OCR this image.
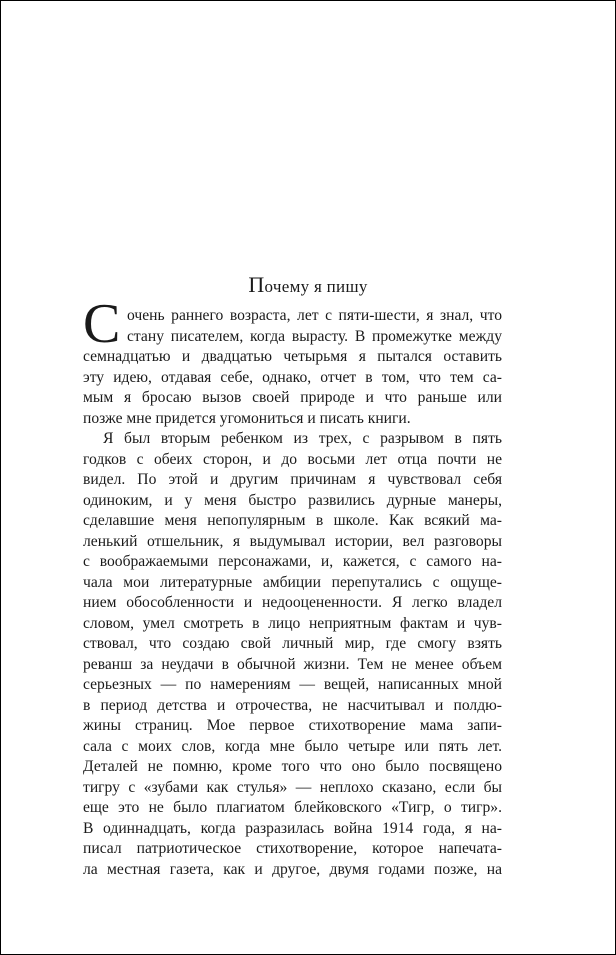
Почему я пишу
С очень раннего возраста, лет с пяти-шести, я знал, что
стану писателем, когда вырасту. В промежутке между
семнадцатью и двадцатью четырьмя я пытался оставить
эту идею, отдавая себе, однако, отчет в том, что тем са-
мым я бросаю вызов своей природе и что раньше или
позже мне придется угомониться и писать книги.
Я был вторым ребенком из трех, с разрывом в пять
годков с обеих сторон, и до восьми лет отца почти не
видел. По этой и другим причинам я чувствовал себя
одиноким, и у меня быстро развились дурные манеры,
сделавшие меня непопулярным в школе. Как всякий ма-
ленький отшельник, я выдумывал истории, вел разговоры
с воображаемыми персонажами, и, кажется, с самого на-
чала мои литературные амбиции перепутались с ощуще-
нием обособленности и недооцененности. Я легко владел
словом, умел смотреть в лицо неприятным фактам и чув-
ствовал, что создаю свой личный мир, где смогу взять
реванш за неудачи в обычной жизни. Тем не менее объем
серьезных — по намерениям — вещей, написанных мной
в период детства и отрочества, не насчитывал и полдю-
жины страниц. Мое первое стихотворение мама запи-
сала с моих слов, когда мне было четыре или пять лет.
Деталей не помню, кроме того что оно было посвящено
тигру с «зубами как стулья» — неплохо сказано, если бы
еще это не было плагиатом блейковского «Тигр, о тигр».
В одиннадцать, когда разразилась война 1914 года, я на-
писал патриотическое стихотворение, которое напечата-
ла местная газета, как и другое, двумя годами позже, на
